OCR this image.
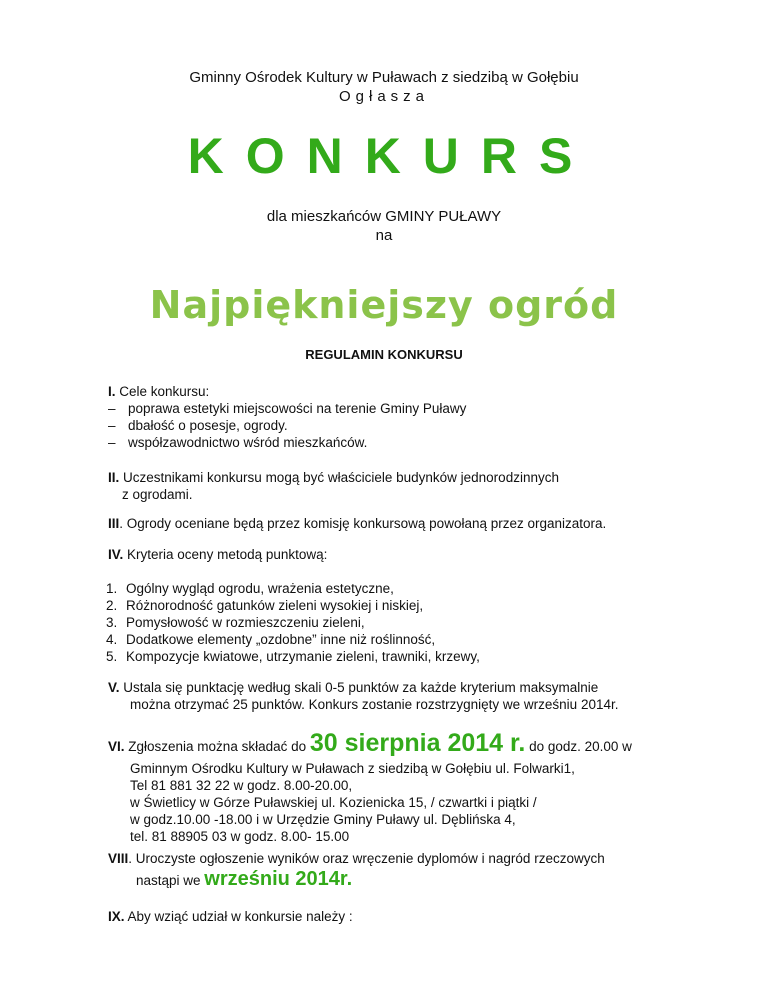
Gminny Ośrodek Kultury w Puławach z siedzibą w Gołębiu
Ogłasza
KONKURS
dla mieszkańców GMINY PUŁAWY
na
Najpiękniejszy ogród
REGULAMIN KONKURSU
I. Cele konkursu:
– poprawa estetyki miejscowości na terenie Gminy Puławy
– dbałość o posesje, ogrody.
– współzawodnictwo wśród mieszkańców.
II. Uczestnikami konkursu mogą być właściciele budynków jednorodzinnych
z ogrodami.
III. Ogrody oceniane będą przez komisję konkursową powołaną przez organizatora.
IV. Kryteria oceny metodą punktową:
1. Ogólny wygląd ogrodu, wrażenia estetyczne,
2. Różnorodność gatunków zieleni wysokiej i niskiej,
3. Pomysłowość w rozmieszczeniu zieleni,
4. Dodatkowe elementy „ozdobne” inne niż roślinność,
5. Kompozycje kwiatowe, utrzymanie zieleni, trawniki, krzewy,
V. Ustala się punktację według skali 0-5 punktów za każde kryterium maksymalnie
można otrzymać 25 punktów. Konkurs zostanie rozstrzygnięty we wrześniu 2014r.
VI. Zgłoszenia można składać do 30 sierpnia 2014 r. do godz. 20.00 w
Gminnym Ośrodku Kultury w Puławach z siedzibą w Gołębiu ul. Folwarki1,
Tel 81 881 32 22 w godz. 8.00-20.00,
w Świetlicy w Górze Puławskiej ul. Kozienicka 15, / czwartki i piątki /
w godz.10.00 -18.00 i w Urzędzie Gminy Puławy ul. Dęblińska 4,
tel. 81 88905 03 w godz. 8.00- 15.00
VIII. Uroczyste ogłoszenie wyników oraz wręczenie dyplomów i nagród rzeczowych
nastąpi we wrześniu 2014r.
IX. Aby wziąć udział w konkursie należy :
